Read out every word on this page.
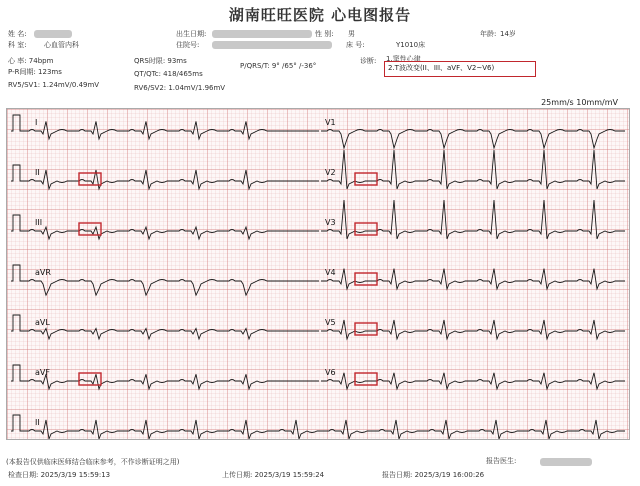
湖南旺旺医院 心电图报告
姓 名:	出生日期:	性 别: 男	年龄: 14岁
科 室: 心血管内科	住院号:	床 号:	Y1010床
心 率: 74bpm
P-R间期: 123ms
RV5/SV1: 1.24mV/0.49mV
QRS时限: 93ms
QT/QTc: 418/465ms
RV6/SV2: 1.04mV/1.96mV
P/QRS/T: 9° /65° /-36°
诊断: 1.窦性心律
2.T波改变(II、III、aVF、V2~V6)
25mm/s 10mm/mV
I
II
III
aVR
aVL
aVF
V1
V2
V3
V4
V5
V6
II
(本报告仅供临床医师结合临床参考，不作诊断证明之用)	报告医生:
检查日期: 2025/3/19 15:59:13	上传日期: 2025/3/19 15:59:24	报告日期: 2025/3/19 16:00:26
